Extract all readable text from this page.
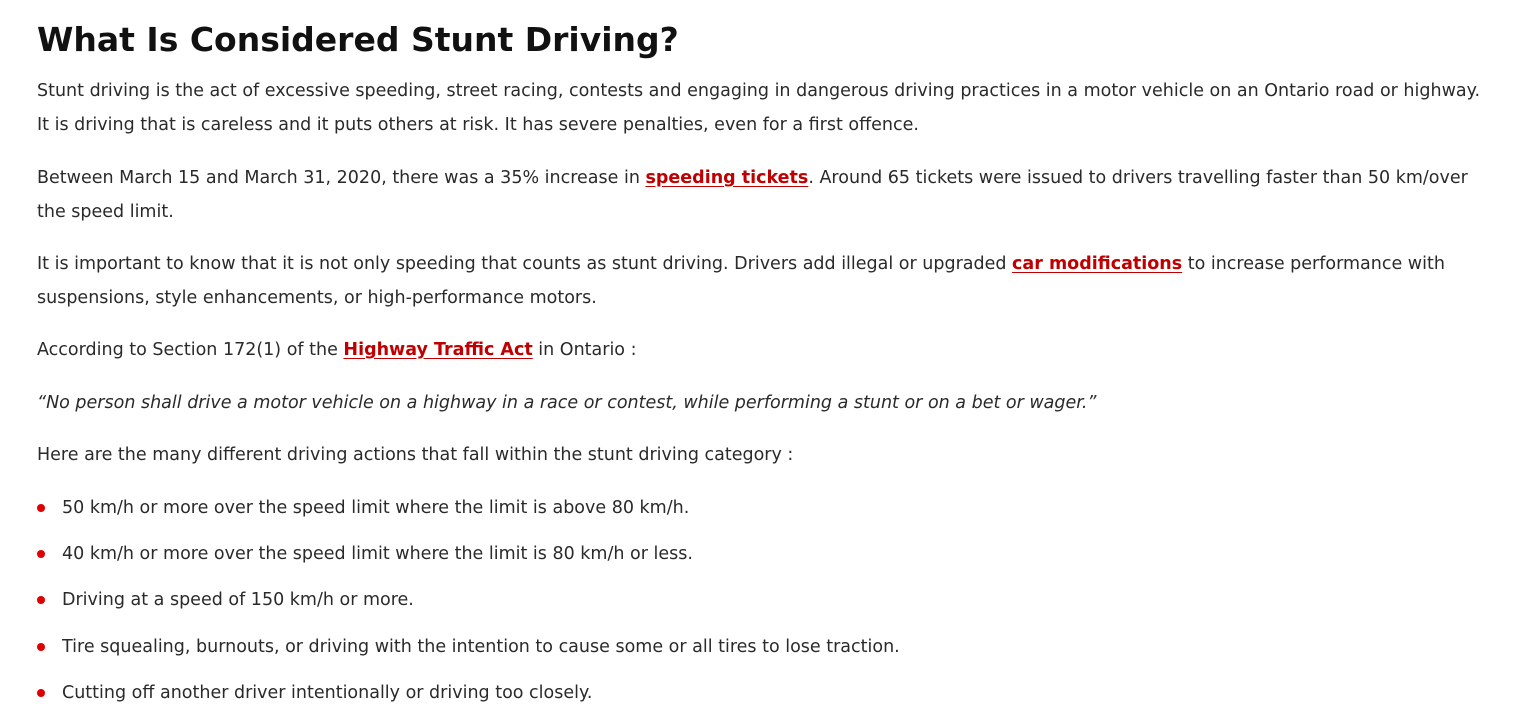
What Is Considered Stunt Driving?

Stunt driving is the act of excessive speeding, street racing, contests and engaging in dangerous driving practices in a motor vehicle on an Ontario road or highway. It is driving that is careless and it puts others at risk. It has severe penalties, even for a first offence.

Between March 15 and March 31, 2020, there was a 35% increase in speeding tickets. Around 65 tickets were issued to drivers travelling faster than 50 km/over the speed limit.

It is important to know that it is not only speeding that counts as stunt driving. Drivers add illegal or upgraded car modifications to increase performance with suspensions, style enhancements, or high-performance motors.

According to Section 172(1) of the Highway Traffic Act in Ontario :

“No person shall drive a motor vehicle on a highway in a race or contest, while performing a stunt or on a bet or wager.”

Here are the many different driving actions that fall within the stunt driving category :

50 km/h or more over the speed limit where the limit is above 80 km/h.
40 km/h or more over the speed limit where the limit is 80 km/h or less.
Driving at a speed of 150 km/h or more.
Tire squealing, burnouts, or driving with the intention to cause some or all tires to lose traction.
Cutting off another driver intentionally or driving too closely.
